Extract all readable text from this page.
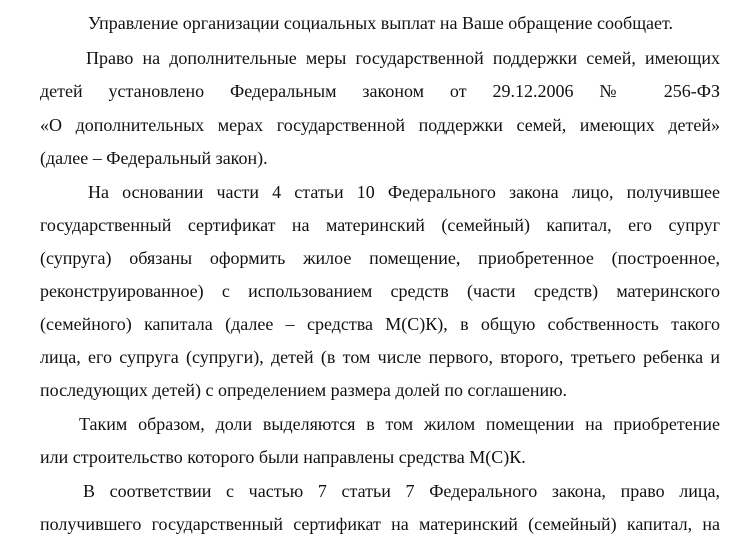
Управление организации социальных выплат на Ваше обращение сообщает.
Право на дополнительные меры государственной поддержки семей, имеющих
детей установлено Федеральным законом от 29.12.2006 № 256-ФЗ
«О дополнительных мерах государственной поддержки семей, имеющих детей»
(далее – Федеральный закон).
На основании части 4 статьи 10 Федерального закона лицо, получившее
государственный сертификат на материнский (семейный) капитал, его супруг
(супруга) обязаны оформить жилое помещение, приобретенное (построенное,
реконструированное) с использованием средств (части средств) материнского
(семейного) капитала (далее – средства М(С)К), в общую собственность такого
лица, его супруга (супруги), детей (в том числе первого, второго, третьего ребенка и
последующих детей) с определением размера долей по соглашению.
Таким образом, доли выделяются в том жилом помещении на приобретение
или строительство которого были направлены средства М(С)К.
В соответствии с частью 7 статьи 7 Федерального закона, право лица,
получившего государственный сертификат на материнский (семейный) капитал, на
